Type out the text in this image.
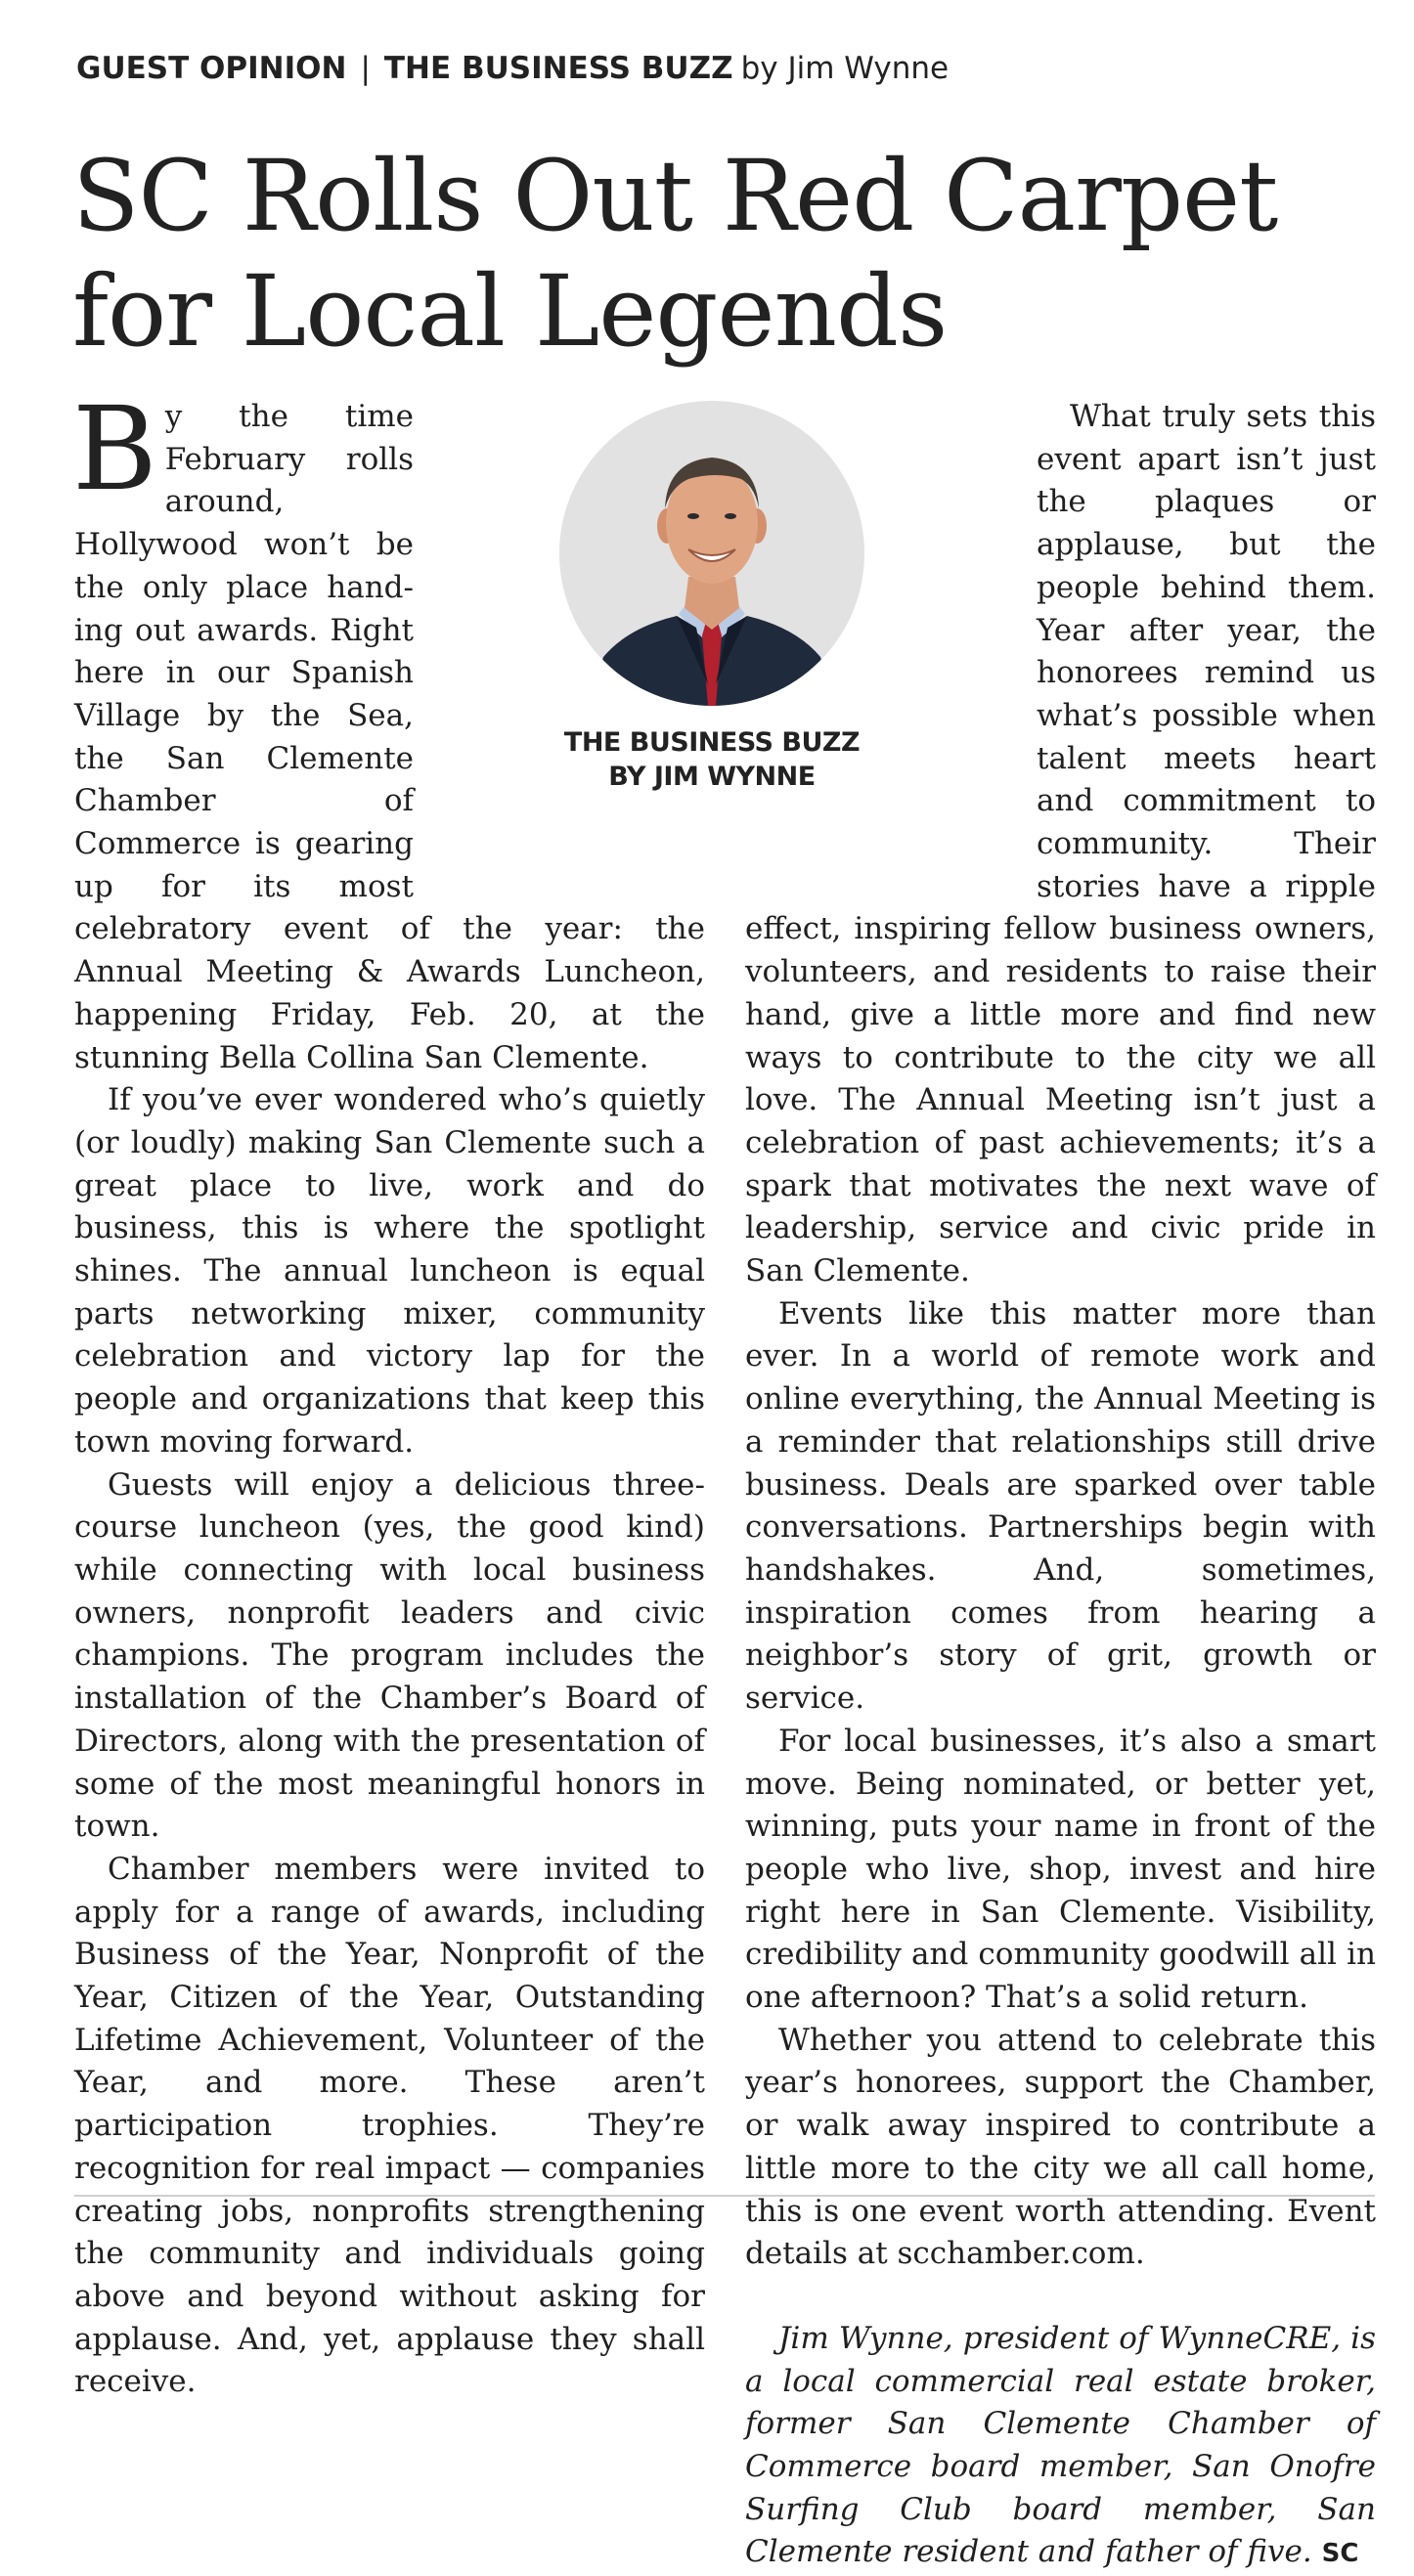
GUEST OPINION | THE BUSINESS BUZZ by Jim Wynne
SC Rolls Out Red Carpet
for Local Legends

By the time February rolls around, Hollywood won’t be the only place handing out awards. Right here in our Spanish Village by the Sea, the San Clemente Chamber of Commerce is gearing up for its most celebratory event of the year: the Annual Meeting & Awards Luncheon, happening Friday, Feb. 20, at the stunning Bella Collina San Clemente.

If you’ve ever wondered who’s quietly (or loudly) making San Clemente such a great place to live, work and do business, this is where the spotlight shines. The annual luncheon is equal parts networking mixer, community celebration and victory lap for the people and organizations that keep this town moving forward.

Guests will enjoy a delicious three-course luncheon (yes, the good kind) while connecting with local business owners, nonprofit leaders and civic champions. The program includes the installation of the Chamber’s Board of Directors, along with the presentation of some of the most meaningful honors in town.

Chamber members were invited to apply for a range of awards, including Business of the Year, Nonprofit of the Year, Citizen of the Year, Outstanding Lifetime Achievement, Volunteer of the Year, and more. These aren’t participation trophies. They’re recognition for real impact — companies creating jobs, nonprofits strengthening the community and individuals going above and beyond without asking for applause. And, yet, applause they shall receive.

What truly sets this event apart isn’t just the plaques or applause, but the people behind them. Year after year, the honorees remind us what’s possible when talent meets heart and commitment to community. Their stories have a ripple effect, inspiring fellow business owners, volunteers, and residents to raise their hand, give a little more and find new ways to contribute to the city we all love. The Annual Meeting isn’t just a celebration of past achievements; it’s a spark that motivates the next wave of leadership, service and civic pride in San Clemente.

Events like this matter more than ever. In a world of remote work and online everything, the Annual Meeting is a reminder that relationships still drive business. Deals are sparked over table conversations. Partnerships begin with handshakes. And, sometimes, inspiration comes from hearing a neighbor’s story of grit, growth or service.

For local businesses, it’s also a smart move. Being nominated, or better yet, winning, puts your name in front of the people who live, shop, invest and hire right here in San Clemente. Visibility, credibility and community goodwill all in one afternoon? That’s a solid return.

Whether you attend to celebrate this year’s honorees, support the Chamber, or walk away inspired to contribute a little more to the city we all call home, this is one event worth attending. Event details at scchamber.com.

Jim Wynne, president of WynneCRE, is a local commercial real estate broker, former San Clemente Chamber of Commerce board member, San Onofre Surfing Club board member, San Clemente resident and father of five. SC

THE BUSINESS BUZZ
BY JIM WYNNE
